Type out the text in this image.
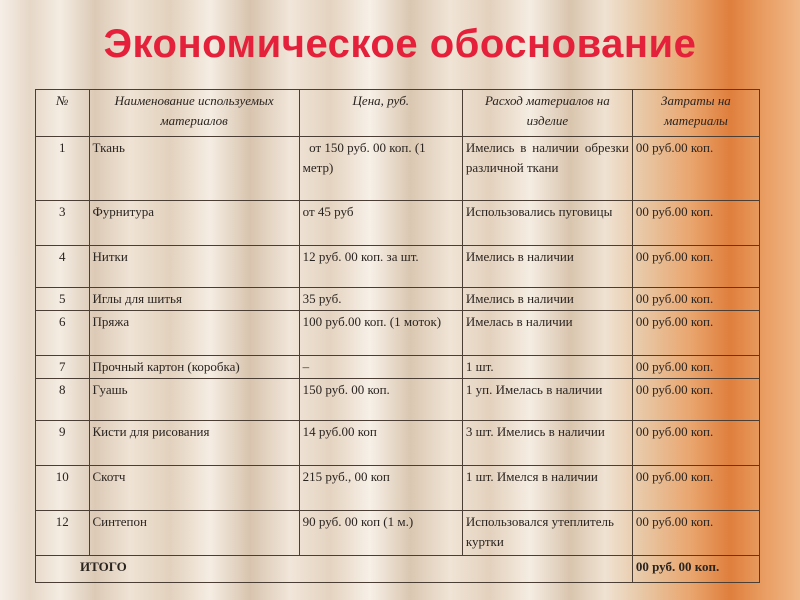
Экономическое обоснование
№	Наименование используемых материалов	Цена, руб.	Расход материалов на изделие	Затраты на материалы
1	Ткань	от 150 руб. 00 коп. (1 метр)	Имелись в наличии обрезки различной ткани	00 руб.00 коп.
3	Фурнитура	от 45 руб	Использовались пуговицы	00 руб.00 коп.
4	Нитки	12 руб. 00 коп. за шт.	Имелись в наличии	00 руб.00 коп.
5	Иглы для шитья	35 руб.	Имелись в наличии	00 руб.00 коп.
6	Пряжа	100 руб.00 коп. (1 моток)	Имелась в наличии	00 руб.00 коп.
7	Прочный картон (коробка)	–	1 шт.	00 руб.00 коп.
8	Гуашь	150 руб. 00 коп.	1 уп. Имелась в наличии	00 руб.00 коп.
9	Кисти для рисования	14 руб.00 коп	3 шт. Имелись в наличии	00 руб.00 коп.
10	Скотч	215 руб., 00 коп	1 шт. Имелся в наличии	00 руб.00 коп.
12	Синтепон	90 руб. 00 коп (1 м.)	Использовался утеплитель куртки	00 руб.00 коп.
ИТОГО				00 руб. 00 коп.
